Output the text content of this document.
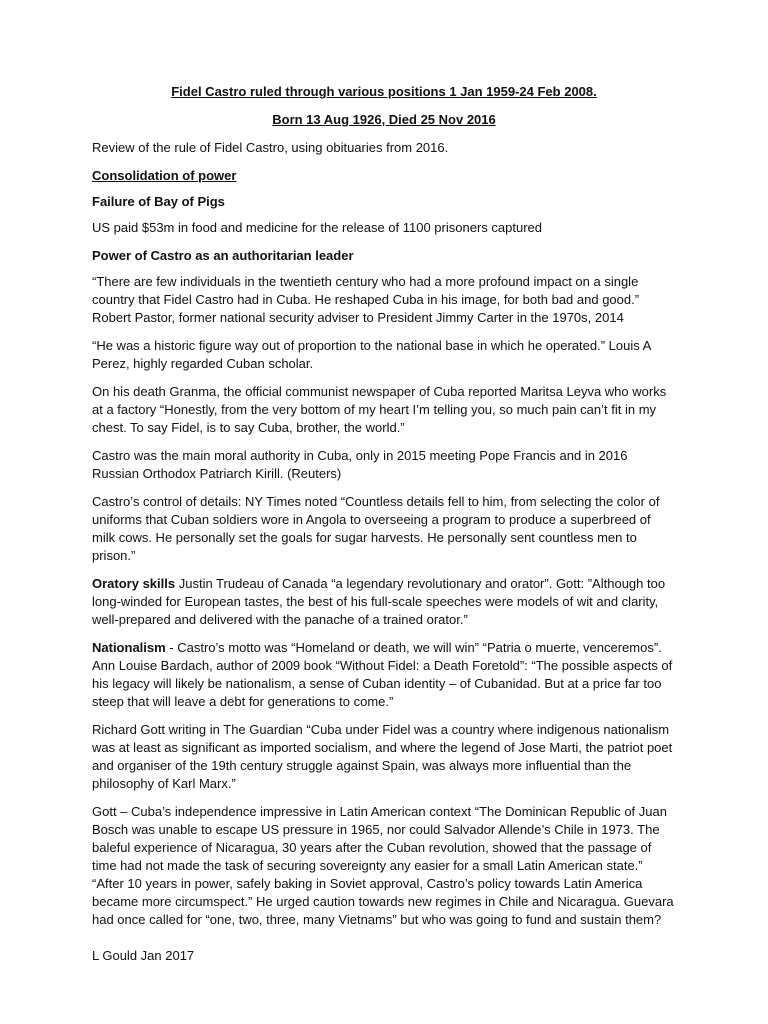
Fidel Castro ruled through various positions 1 Jan 1959-24 Feb 2008.

Born 13 Aug 1926, Died 25 Nov 2016

Review of the rule of Fidel Castro, using obituaries from 2016.

Consolidation of power

Failure of Bay of Pigs

US paid $53m in food and medicine for the release of 1100 prisoners captured

Power of Castro as an authoritarian leader

“There are few individuals in the twentieth century who had a more profound impact on a single country that Fidel Castro had in Cuba. He reshaped Cuba in his image, for both bad and good.” Robert Pastor, former national security adviser to President Jimmy Carter in the 1970s, 2014

“He was a historic figure way out of proportion to the national base in which he operated.” Louis A Perez, highly regarded Cuban scholar.

On his death Granma, the official communist newspaper of Cuba reported Maritsa Leyva who works at a factory “Honestly, from the very bottom of my heart I’m telling you, so much pain can’t fit in my chest. To say Fidel, is to say Cuba, brother, the world.”

Castro was the main moral authority in Cuba, only in 2015 meeting Pope Francis and in 2016 Russian Orthodox Patriarch Kirill. (Reuters)

Castro’s control of details: NY Times noted “Countless details fell to him, from selecting the color of uniforms that Cuban soldiers wore in Angola to overseeing a program to produce a superbreed of milk cows. He personally set the goals for sugar harvests. He personally sent countless men to prison.”

Oratory skills Justin Trudeau of Canada “a legendary revolutionary and orator”. Gott: ”Although too long-winded for European tastes, the best of his full-scale speeches were models of wit and clarity, well-prepared and delivered with the panache of a trained orator.”

Nationalism - Castro’s motto was “Homeland or death, we will win” “Patria o muerte, venceremos”. Ann Louise Bardach, author of 2009 book “Without Fidel: a Death Foretold”: “The possible aspects of his legacy will likely be nationalism, a sense of Cuban identity – of Cubanidad. But at a price far too steep that will leave a debt for generations to come.”

Richard Gott writing in The Guardian “Cuba under Fidel was a country where indigenous nationalism was at least as significant as imported socialism, and where the legend of Jose Marti, the patriot poet and organiser of the 19th century struggle against Spain, was always more influential than the philosophy of Karl Marx.”

Gott – Cuba’s independence impressive in Latin American context “The Dominican Republic of Juan Bosch was unable to escape US pressure in 1965, nor could Salvador Allende’s Chile in 1973. The baleful experience of Nicaragua, 30 years after the Cuban revolution, showed that the passage of time had not made the task of securing sovereignty any easier for a small Latin American state.” “After 10 years in power, safely baking in Soviet approval, Castro’s policy towards Latin America became more circumspect.” He urged caution towards new regimes in Chile and Nicaragua. Guevara had once called for “one, two, three, many Vietnams” but who was going to fund and sustain them?

L Gould Jan 2017
